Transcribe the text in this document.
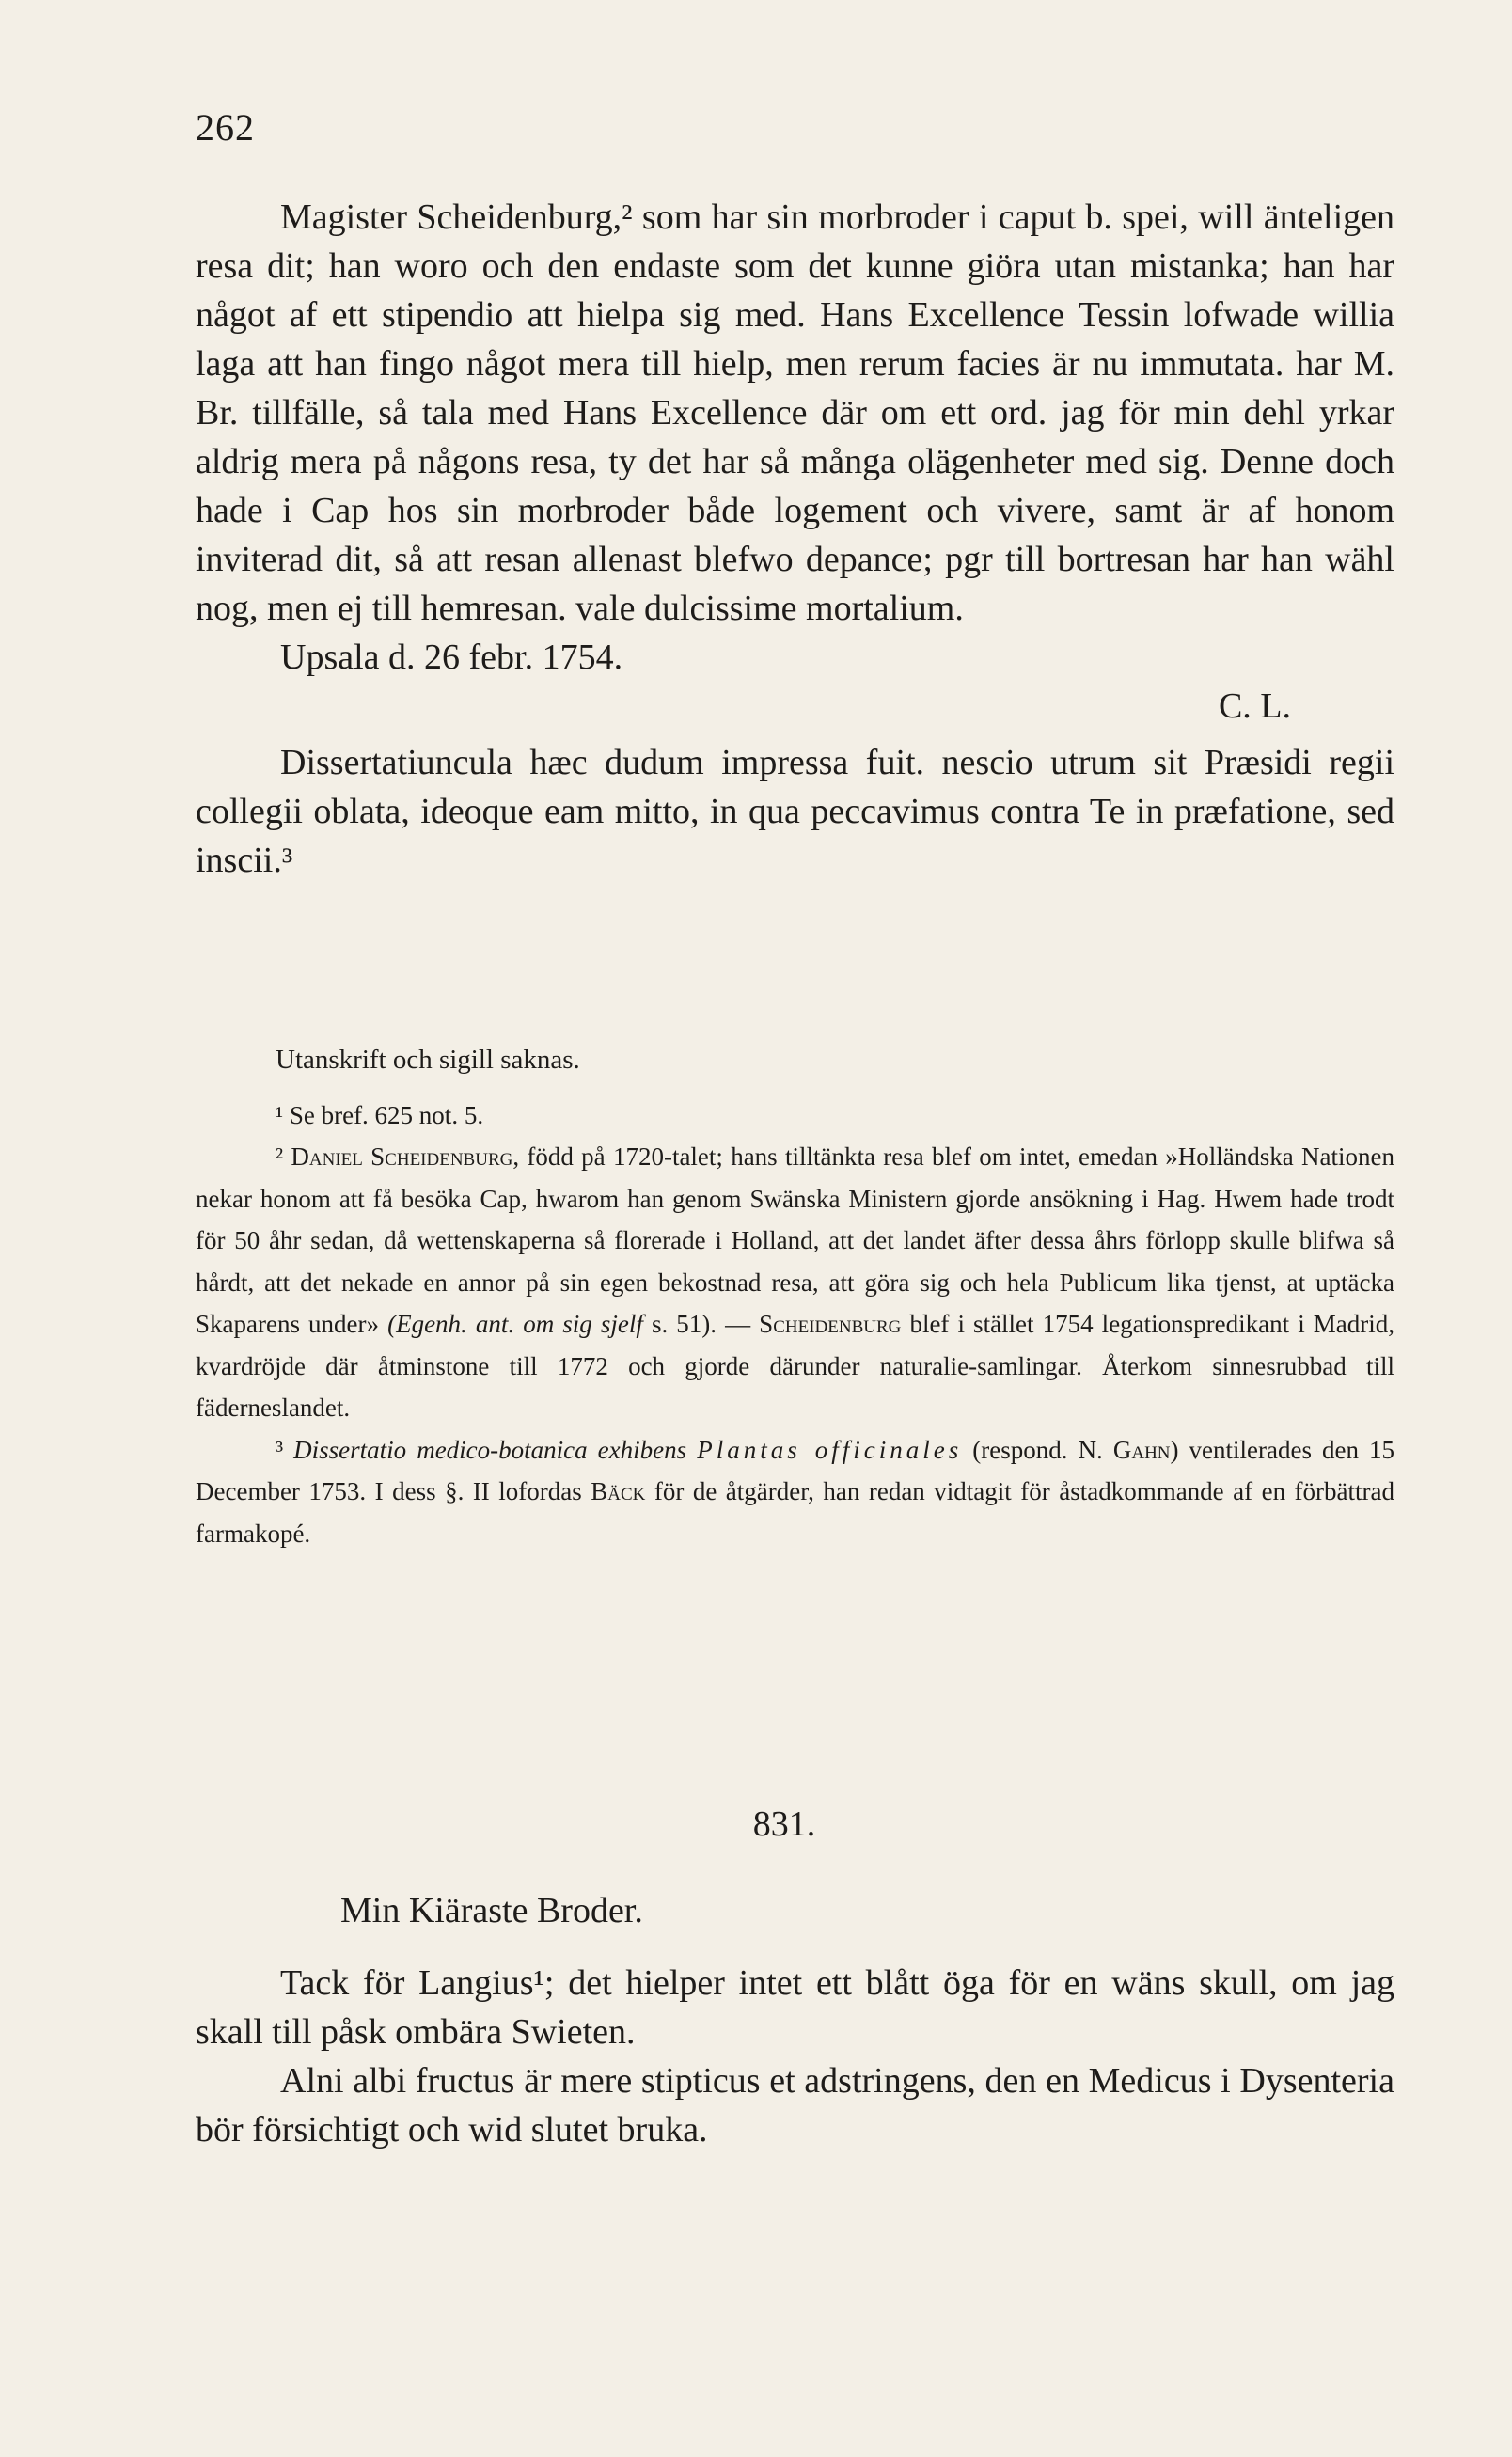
262

Magister Scheidenburg,² som har sin morbroder i caput b. spei, will änteligen resa dit; han woro och den endaste som det kunne giöra utan mistanka; han har något af ett stipendio att hielpa sig med. Hans Excellence Tessin lofwade willia laga att han fingo något mera till hielp, men rerum facies är nu immutata. har M. Br. tillfälle, så tala med Hans Excellence där om ett ord. jag för min dehl yrkar aldrig mera på någons resa, ty det har så många olägenheter med sig. Denne doch hade i Cap hos sin morbroder både logement och vivere, samt är af honom inviterad dit, så att resan allenast blefwo depance; pgr till bortresan har han wähl nog, men ej till hemresan. vale dulcissime mortalium.

Upsala d. 26 febr. 1754.

C. L.

Dissertatiuncula hæc dudum impressa fuit. nescio utrum sit Præsidi regii collegii oblata, ideoque eam mitto, in qua peccavimus contra Te in præfatione, sed inscii.³

Utanskrift och sigill saknas.

¹ Se bref. 625 not. 5.

² Daniel Scheidenburg, född på 1720-talet; hans tilltänkta resa blef om intet, emedan »Holländska Nationen nekar honom att få besöka Cap, hwarom han genom Swänska Ministern gjorde ansökning i Hag. Hwem hade trodt för 50 åhr sedan, då wettenskaperna så florerade i Holland, att det landet äfter dessa åhrs förlopp skulle blifwa så hårdt, att det nekade en annor på sin egen bekostnad resa, att göra sig och hela Publicum lika tjenst, at uptäcka Skaparens under» (Egenh. ant. om sig sjelf s. 51). — Scheidenburg blef i stället 1754 legationspredikant i Madrid, kvardröjde där åtminstone till 1772 och gjorde därunder naturalie-samlingar. Återkom sinnesrubbad till fäderneslandet.

³ Dissertatio medico-botanica exhibens Plantas officinales (respond. N. Gahn) ventilerades den 15 December 1753. I dess §. II lofordas Bäck för de åtgärder, han redan vidtagit för åstadkommande af en förbättrad farmakopé.

831.
Min Kiäraste Broder.

Tack för Langius¹; det hielper intet ett blått öga för en wäns skull, om jag skall till påsk ombära Swieten.

Alni albi fructus är mere stipticus et adstringens, den en Medicus i Dysenteria bör försichtigt och wid slutet bruka.
